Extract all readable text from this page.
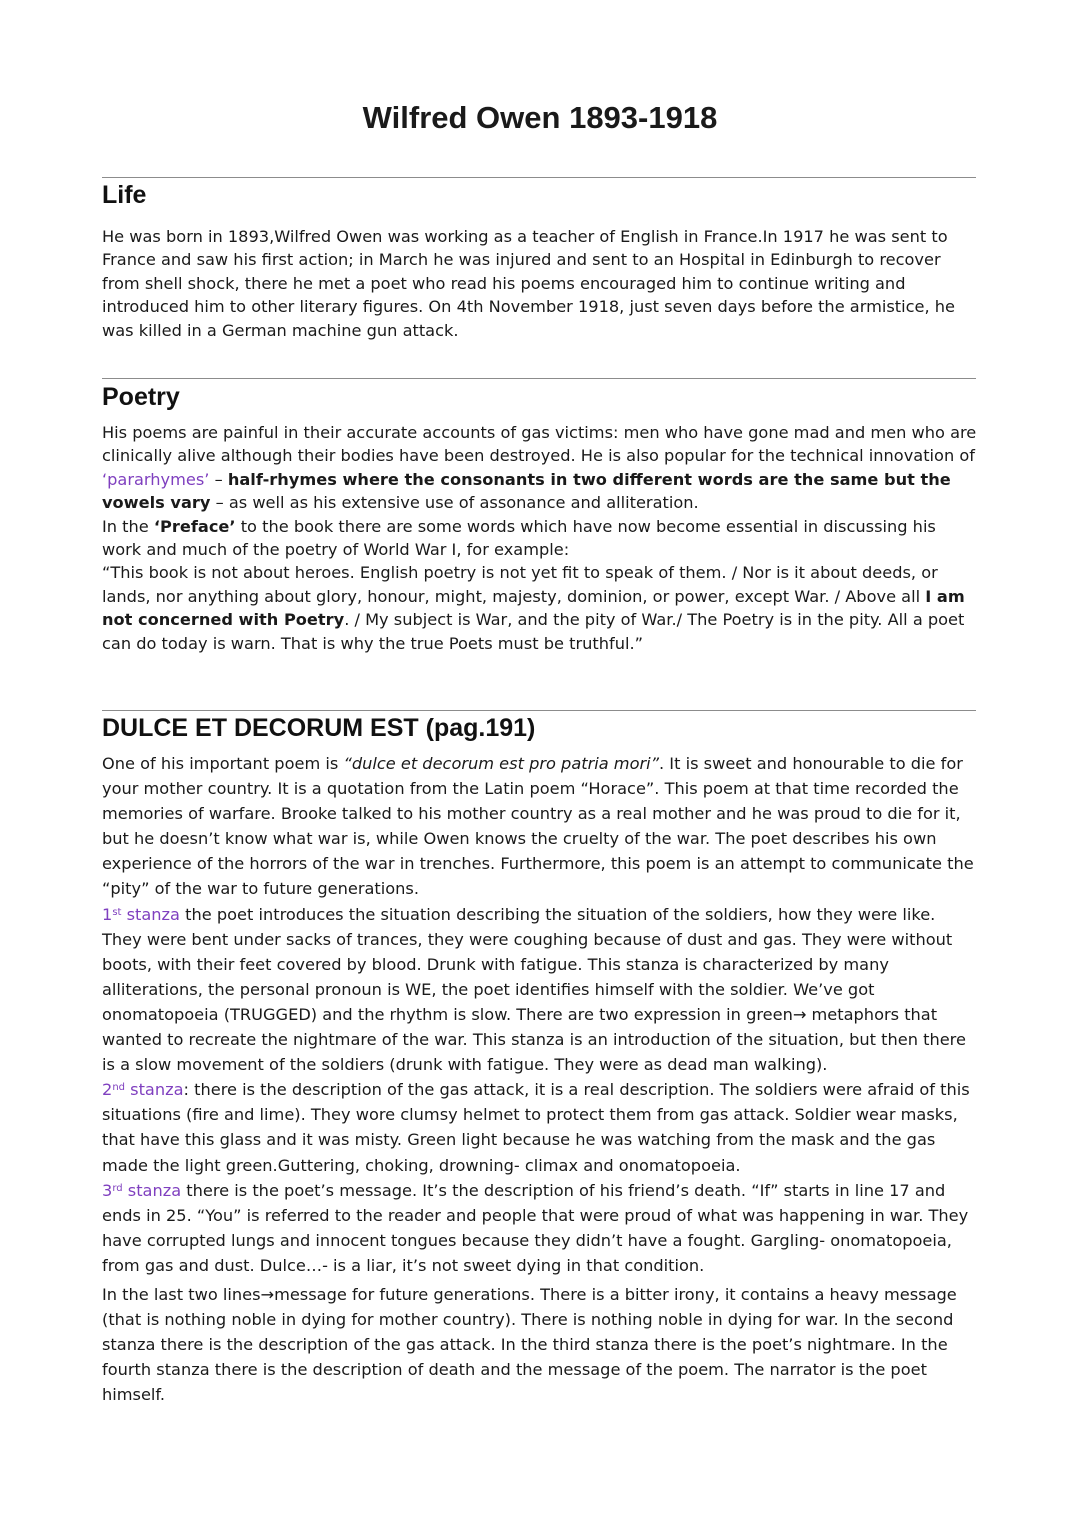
Wilfred Owen 1893-1918
Life

He was born in 1893,Wilfred Owen was working as a teacher of English in France.In 1917 he was sent to France and saw his first action; in March he was injured and sent to an Hospital in Edinburgh to recover from shell shock, there he met a poet who read his poems encouraged him to continue writing and introduced him to other literary figures. On 4th November 1918, just seven days before the armistice, he was killed in a German machine gun attack.

Poetry

His poems are painful in their accurate accounts of gas victims: men who have gone mad and men who are clinically alive although their bodies have been destroyed. He is also popular for the technical innovation of ‘pararhymes’ – half-rhymes where the consonants in two different words are the same but the vowels vary – as well as his extensive use of assonance and alliteration.

In the ‘Preface’ to the book there are some words which have now become essential in discussing his work and much of the poetry of World War I, for example:

“This book is not about heroes. English poetry is not yet fit to speak of them. / Nor is it about deeds, or lands, nor anything about glory, honour, might, majesty, dominion, or power, except War. / Above all I am not concerned with Poetry. / My subject is War, and the pity of War./ The Poetry is in the pity. All a poet can do today is warn. That is why the true Poets must be truthful.”

DULCE ET DECORUM EST (pag.191)

One of his important poem is “dulce et decorum est pro patria mori”. It is sweet and honourable to die for your mother country. It is a quotation from the Latin poem “Horace”. This poem at that time recorded the memories of warfare. Brooke talked to his mother country as a real mother and he was proud to die for it, but he doesn’t know what war is, while Owen knows the cruelty of the war. The poet describes his own experience of the horrors of the war in trenches. Furthermore, this poem is an attempt to communicate the “pity” of the war to future generations.

1st stanza the poet introduces the situation describing the situation of the soldiers, how they were like. They were bent under sacks of trances, they were coughing because of dust and gas. They were without boots, with their feet covered by blood. Drunk with fatigue. This stanza is characterized by many alliterations, the personal pronoun is WE, the poet identifies himself with the soldier. We’ve got onomatopoeia (TRUGGED) and the rhythm is slow. There are two expression in green→ metaphors that wanted to recreate the nightmare of the war. This stanza is an introduction of the situation, but then there is a slow movement of the soldiers (drunk with fatigue. They were as dead man walking).

2nd stanza: there is the description of the gas attack, it is a real description. The soldiers were afraid of this situations (fire and lime). They wore clumsy helmet to protect them from gas attack. Soldier wear masks, that have this glass and it was misty. Green light because he was watching from the mask and the gas made the light green.Guttering, choking, drowning- climax and onomatopoeia.

3rd stanza there is the poet’s message. It’s the description of his friend’s death. “If” starts in line 17 and ends in 25. “You” is referred to the reader and people that were proud of what was happening in war. They have corrupted lungs and innocent tongues because they didn’t have a fought. Gargling- onomatopoeia, from gas and dust. Dulce…- is a liar, it’s not sweet dying in that condition.

In the last two lines→message for future generations. There is a bitter irony, it contains a heavy message (that is nothing noble in dying for mother country). There is nothing noble in dying for war. In the second stanza there is the description of the gas attack. In the third stanza there is the poet’s nightmare. In the fourth stanza there is the description of death and the message of the poem. The narrator is the poet himself.
